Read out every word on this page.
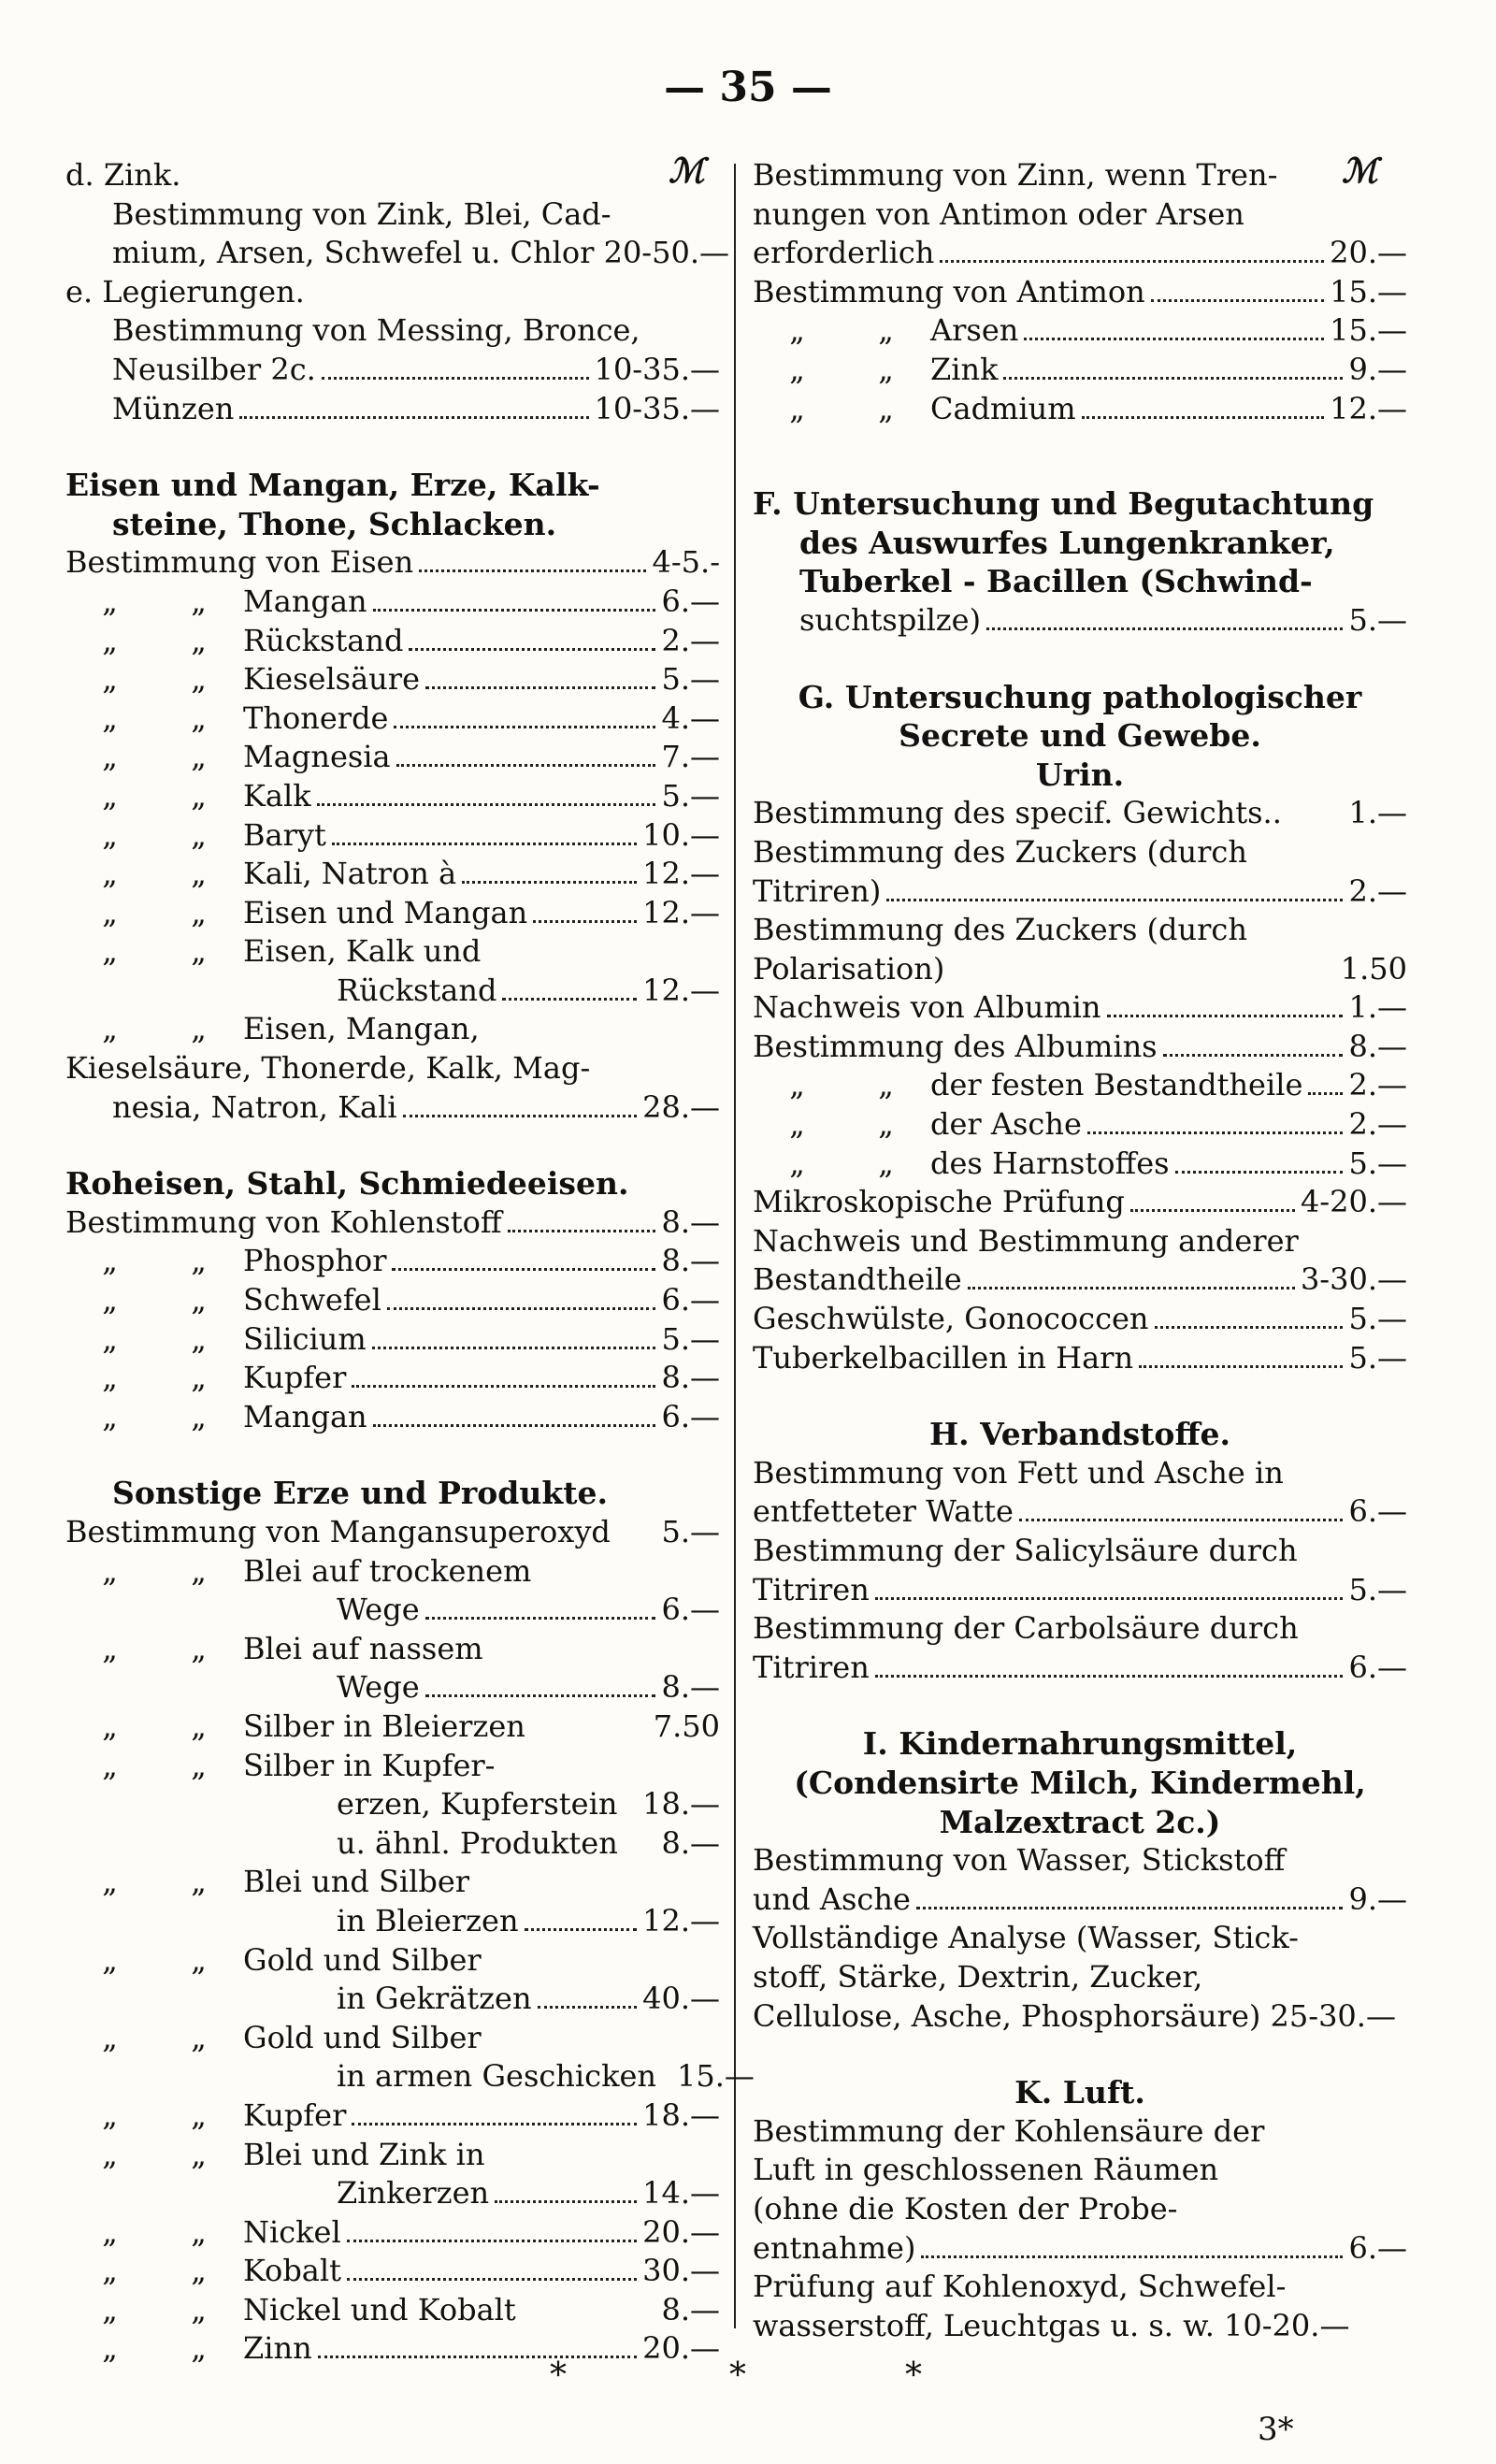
— 35 —
ℳ	ℳ
d. Zink.
Bestimmung von Zink, Blei, Cad-
mium, Arsen, Schwefel u. Chlor 20-50.—
e. Legierungen.
Bestimmung von Messing, Bronce,
Neusilber 2c.	10-35.—
Münzen	10-35.—
Eisen und Mangan, Erze, Kalk-
steine, Thone, Schlacken.
Bestimmung von Eisen	4-5.-
„	„	Mangan	6.—
„	„	Rückstand	2.—
„	„	Kieselsäure	5.—
„	„	Thonerde	4.—
„	„	Magnesia	7.—
„	„	Kalk	5.—
„	„	Baryt	10.—
„	„	Kali, Natron à	12.—
„	„	Eisen und Mangan	12.—
„	„	Eisen, Kalk und
Rückstand	12.—
„	„	Eisen, Mangan,
Kieselsäure, Thonerde, Kalk, Mag-
nesia, Natron, Kali	28.—
Roheisen, Stahl, Schmiedeeisen.
Bestimmung von Kohlenstoff	8.—
„	„	Phosphor	8.—
„	„	Schwefel	6.—
„	„	Silicium	5.—
„	„	Kupfer	8.—
„	„	Mangan	6.—
Sonstige Erze und Produkte.
Bestimmung von Mangansuperoxyd 5.—
„	„	Blei auf trockenem
Wege	6.—
„	„	Blei auf nassem
Wege	8.—
„	„	Silber in Bleierzen	7.50
„	„	Silber in Kupfer-
erzen, Kupferstein 18.—
u. ähnl. Produkten 8.—
„	„	Blei und Silber
in Bleierzen	12.—
„	„	Gold und Silber
in Gekrätzen	40.—
„	„	Gold und Silber
in armen Geschicken 15.—
„	„	Kupfer	18.—
„	„	Blei und Zink in
Zinkerzen	14.—
„	„	Nickel	20.—
„	„	Kobalt	30.—
„	„	Nickel und Kobalt	8.—
„	„	Zinn	20.—
Bestimmung von Zinn, wenn Tren-
nungen von Antimon oder Arsen
erforderlich	20.—
Bestimmung von Antimon	15.—
„	„	Arsen	15.—
„	„	Zink	9.—
„	„	Cadmium	12.—
F. Untersuchung und Begutachtung
des Auswurfes Lungenkranker,
Tuberkel - Bacillen (Schwind-
suchtspilze)	5.—
G. Untersuchung pathologischer
Secrete und Gewebe.
Urin.
Bestimmung des specif. Gewichts.. 1.—
Bestimmung des Zuckers (durch
Titriren)	2.—
Bestimmung des Zuckers (durch
Polarisation)	1.50
Nachweis von Albumin	1.—
Bestimmung des Albumins	8.—
„	„	der festen Bestandtheile 2.—
„	„	der Asche	2.—
„	„	des Harnstoffes	5.—
Mikroskopische Prüfung	4-20.—
Nachweis und Bestimmung anderer
Bestandtheile	3-30.—
Geschwülste, Gonococcen	5.—
Tuberkelbacillen in Harn	5.—
H. Verbandstoffe.
Bestimmung von Fett und Asche in
entfetteter Watte	6.—
Bestimmung der Salicylsäure durch
Titriren	5.—
Bestimmung der Carbolsäure durch
Titriren	6.—
I. Kindernahrungsmittel,
(Condensirte Milch, Kindermehl,
Malzextract 2c.)
Bestimmung von Wasser, Stickstoff
und Asche	9.—
Vollständige Analyse (Wasser, Stick-
stoff, Stärke, Dextrin, Zucker,
Cellulose, Asche, Phosphorsäure) 25-30.—
K. Luft.
Bestimmung der Kohlensäure der
Luft in geschlossenen Räumen
(ohne die Kosten der Probe-
entnahme)	6.—
Prüfung auf Kohlenoxyd, Schwefel-
wasserstoff, Leuchtgas u. s. w. 10-20.—
*	*	*
3*
